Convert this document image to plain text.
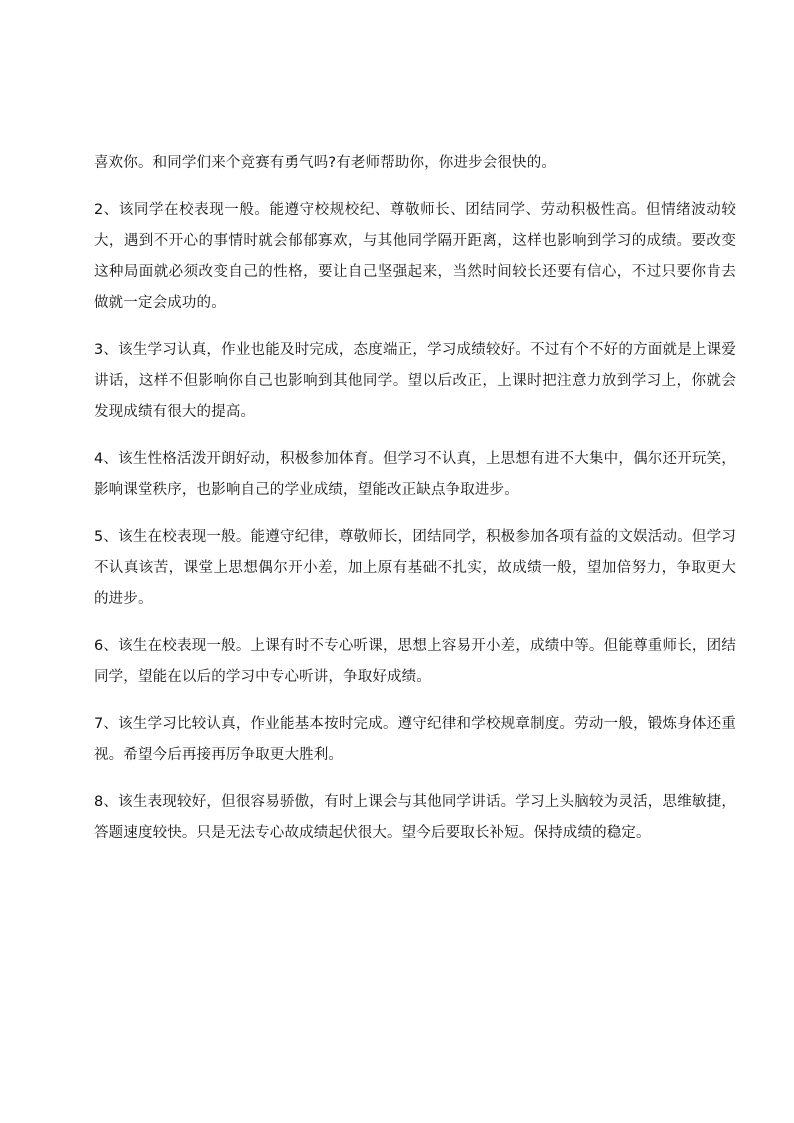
喜欢你。和同学们来个竞赛有勇气吗?有老师帮助你，你进步会很快的。

2、该同学在校表现一般。能遵守校规校纪、尊敬师长、团结同学、劳动积极性高。但情绪波动较大，遇到不开心的事情时就会郁郁寡欢，与其他同学隔开距离，这样也影响到学习的成绩。要改变这种局面就必须改变自己的性格，要让自己坚强起来，当然时间较长还要有信心，不过只要你肯去做就一定会成功的。

3、该生学习认真，作业也能及时完成，态度端正，学习成绩较好。不过有个不好的方面就是上课爱讲话，这样不但影响你自己也影响到其他同学。望以后改正，上课时把注意力放到学习上，你就会发现成绩有很大的提高。

4、该生性格活泼开朗好动，积极参加体育。但学习不认真，上思想有进不大集中，偶尔还开玩笑，影响课堂秩序，也影响自己的学业成绩，望能改正缺点争取进步。

5、该生在校表现一般。能遵守纪律，尊敬师长，团结同学，积极参加各项有益的文娱活动。但学习不认真该苦，课堂上思想偶尔开小差，加上原有基础不扎实，故成绩一般，望加倍努力，争取更大的进步。

6、该生在校表现一般。上课有时不专心听课，思想上容易开小差，成绩中等。但能尊重师长，团结同学，望能在以后的学习中专心听讲，争取好成绩。

7、该生学习比较认真，作业能基本按时完成。遵守纪律和学校规章制度。劳动一般，锻炼身体还重视。希望今后再接再厉争取更大胜利。

8、该生表现较好，但很容易骄傲，有时上课会与其他同学讲话。学习上头脑较为灵活，思维敏捷，答题速度较快。只是无法专心故成绩起伏很大。望今后要取长补短。保持成绩的稳定。
